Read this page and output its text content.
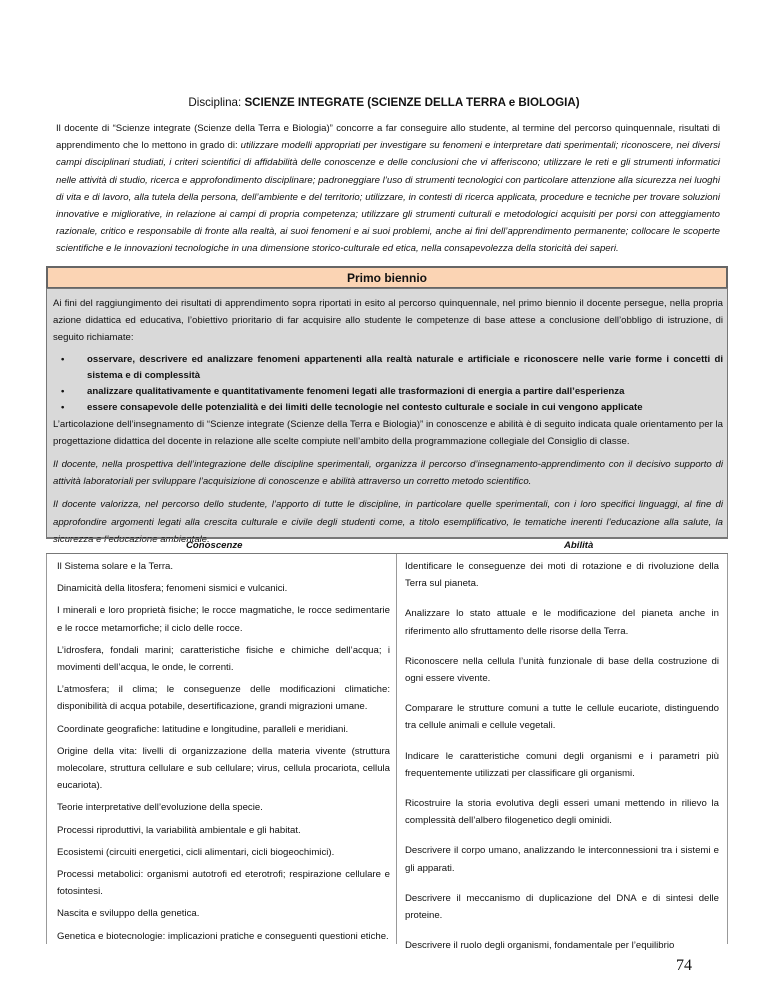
Disciplina: SCIENZE INTEGRATE (SCIENZE DELLA TERRA e BIOLOGIA)
Il docente di “Scienze integrate (Scienze della Terra e Biologia)” concorre a far conseguire allo studente, al termine del percorso quinquennale, risultati di apprendimento che lo mettono in grado di: utilizzare modelli appropriati per investigare su fenomeni e interpretare dati sperimentali; riconoscere, nei diversi campi disciplinari studiati, i criteri scientifici di affidabilità delle conoscenze e delle conclusioni che vi afferiscono; utilizzare le reti e gli strumenti informatici nelle attività di studio, ricerca e approfondimento disciplinare; padroneggiare l’uso di strumenti tecnologici con particolare attenzione alla sicurezza nei luoghi di vita e di lavoro, alla tutela della persona, dell’ambiente e del territorio; utilizzare, in contesti di ricerca applicata, procedure e tecniche per trovare soluzioni innovative e migliorative, in relazione ai campi di propria competenza; utilizzare gli strumenti culturali e metodologici acquisiti per porsi con atteggiamento razionale, critico e responsabile di fronte alla realtà, ai suoi fenomeni e ai suoi problemi, anche ai fini dell’apprendimento permanente; collocare le scoperte scientifiche e le innovazioni tecnologiche in una dimensione storico-culturale ed etica, nella consapevolezza della storicità dei saperi.
Primo biennio

Ai fini del raggiungimento dei risultati di apprendimento sopra riportati in esito al percorso quinquennale, nel primo biennio il docente persegue, nella propria azione didattica ed educativa, l’obiettivo prioritario di far acquisire allo studente le competenze di base attese a conclusione dell’obbligo di istruzione, di seguito richiamate:

• osservare, descrivere ed analizzare fenomeni appartenenti alla realtà naturale e artificiale e riconoscere nelle varie forme i concetti di sistema e di complessità
• analizzare qualitativamente e quantitativamente fenomeni legati alle trasformazioni di energia a partire dall’esperienza
• essere consapevole delle potenzialità e dei limiti delle tecnologie nel contesto culturale e sociale in cui vengono applicate

L’articolazione dell’insegnamento di “Scienze integrate (Scienze della Terra e Biologia)” in conoscenze e abilità è di seguito indicata quale orientamento per la progettazione didattica del docente in relazione alle scelte compiute nell’ambito della programmazione collegiale del Consiglio di classe.

Il docente, nella prospettiva dell’integrazione delle discipline sperimentali, organizza il percorso d’insegnamento-apprendimento con il decisivo supporto di attività laboratoriali per sviluppare l’acquisizione di conoscenze e abilità attraverso un corretto metodo scientifico.

Il docente valorizza, nel percorso dello studente, l’apporto di tutte le discipline, in particolare quelle sperimentali, con i loro specifici linguaggi, al fine di approfondire argomenti legati alla crescita culturale e civile degli studenti come, a titolo esemplificativo, le tematiche inerenti l’educazione alla salute, la sicurezza e l’educazione ambientale.

Conoscenze	Abilità

Il Sistema solare e la Terra.

Dinamicità della litosfera; fenomeni sismici e vulcanici.

I minerali e loro proprietà fisiche; le rocce magmatiche, le rocce sedimentarie e le rocce metamorfiche; il ciclo delle rocce.

L’idrosfera, fondali marini; caratteristiche fisiche e chimiche dell’acqua; i movimenti dell’acqua, le onde, le correnti.

L’atmosfera; il clima; le conseguenze delle modificazioni climatiche: disponibilità di acqua potabile, desertificazione, grandi migrazioni umane.

Coordinate geografiche: latitudine e longitudine, paralleli e meridiani.

Origine della vita: livelli di organizzazione della materia vivente (struttura molecolare, struttura cellulare e sub cellulare; virus, cellula procariota, cellula eucariota).

Teorie interpretative dell’evoluzione della specie.

Processi riproduttivi, la variabilità ambientale e gli habitat.

Ecosistemi (circuiti energetici, cicli alimentari, cicli biogeochimici).

Processi metabolici: organismi autotrofi ed eterotrofi; respirazione cellulare e fotosintesi.

Nascita e sviluppo della genetica.

Genetica e biotecnologie: implicazioni pratiche e conseguenti questioni etiche.

Identificare le conseguenze dei moti di rotazione e di rivoluzione della Terra sul pianeta.

Analizzare lo stato attuale e le modificazione del pianeta anche in riferimento allo sfruttamento delle risorse della Terra.

Riconoscere nella cellula l’unità funzionale di base della costruzione di ogni essere vivente.

Comparare le strutture comuni a tutte le cellule eucariote, distinguendo tra cellule animali e cellule vegetali.

Indicare le caratteristiche comuni degli organismi e i parametri più frequentemente utilizzati per classificare gli organismi.

Ricostruire la storia evolutiva degli esseri umani mettendo in rilievo la complessità dell’albero filogenetico degli ominidi.

Descrivere il corpo umano, analizzando le interconnessioni tra i sistemi e gli apparati.

Descrivere il meccanismo di duplicazione del DNA e di sintesi delle proteine.

Descrivere il ruolo degli organismi, fondamentale per l’equilibrio

74
